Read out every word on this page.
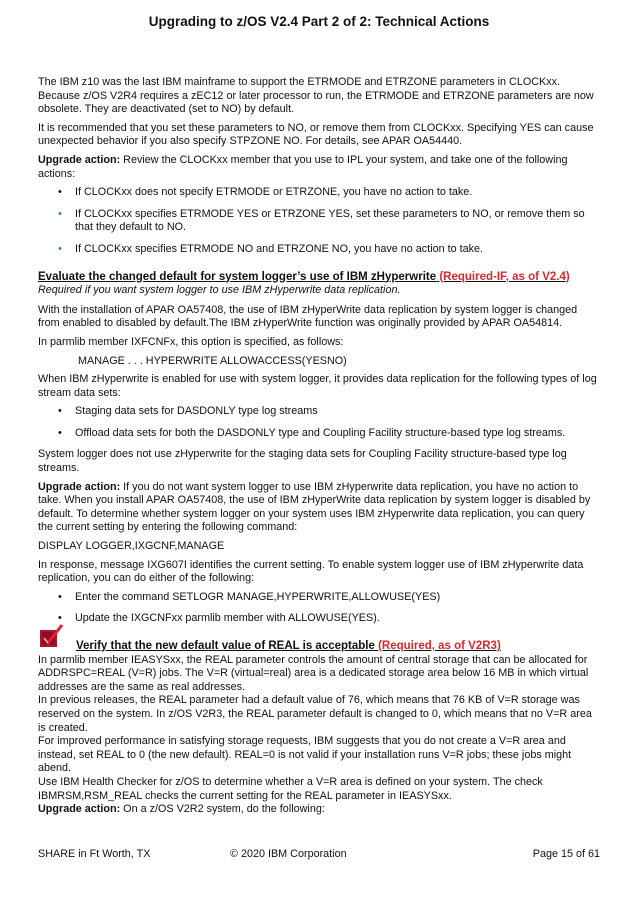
Upgrading to z/OS V2.4 Part 2 of 2: Technical Actions

The IBM z10 was the last IBM mainframe to support the ETRMODE and ETRZONE parameters in CLOCKxx. Because z/OS V2R4 requires a zEC12 or later processor to run, the ETRMODE and ETRZONE parameters are now obsolete. They are deactivated (set to NO) by default.

It is recommended that you set these parameters to NO, or remove them from CLOCKxx. Specifying YES can cause unexpected behavior if you also specify STPZONE NO. For details, see APAR OA54440.

Upgrade action: Review the CLOCKxx member that you use to IPL your system, and take one of the following actions:

• If CLOCKxx does not specify ETRMODE or ETRZONE, you have no action to take.
• If CLOCKxx specifies ETRMODE YES or ETRZONE YES, set these parameters to NO, or remove them so that they default to NO.
• If CLOCKxx specifies ETRMODE NO and ETRZONE NO, you have no action to take.
Evaluate the changed default for system logger’s use of IBM zHyperwrite (Required-IF, as of V2.4)

Required if you want system logger to use IBM zHyperwrite data replication.

With the installation of APAR OA57408, the use of IBM zHyperWrite data replication by system logger is changed from enabled to disabled by default.The IBM zHyperWrite function was originally provided by APAR OA54814.

In parmlib member IXFCNFx, this option is specified, as follows:

MANAGE . . . HYPERWRITE ALLOWACCESS(YESNO)

When IBM zHyperwrite is enabled for use with system logger, it provides data replication for the following types of log stream data sets:

• Staging data sets for DASDONLY type log streams
• Offload data sets for both the DASDONLY type and Coupling Facility structure-based type log streams.

System logger does not use zHyperwrite for the staging data sets for Coupling Facility structure-based type log streams.

Upgrade action: If you do not want system logger to use IBM zHyperwrite data replication, you have no action to take. When you install APAR OA57408, the use of IBM zHyperWrite data replication by system logger is disabled by default. To determine whether system logger on your system uses IBM zHyperwrite data replication, you can query the current setting by entering the following command:

DISPLAY LOGGER,IXGCNF,MANAGE

In response, message IXG607I identifies the current setting. To enable system logger use of IBM zHyperwrite data replication, you can do either of the following:

• Enter the command SETLOGR MANAGE,HYPERWRITE,ALLOWUSE(YES)
• Update the IXGCNFxx parmlib member with ALLOWUSE(YES).
Verify that the new default value of REAL is acceptable (Required, as of V2R3)

In parmlib member IEASYSxx, the REAL parameter controls the amount of central storage that can be allocated for ADDRSPC=REAL (V=R) jobs. The V=R (virtual=real) area is a dedicated storage area below 16 MB in which virtual addresses are the same as real addresses.

In previous releases, the REAL parameter had a default value of 76, which means that 76 KB of V=R storage was reserved on the system. In z/OS V2R3, the REAL parameter default is changed to 0, which means that no V=R area is created.

For improved performance in satisfying storage requests, IBM suggests that you do not create a V=R area and instead, set REAL to 0 (the new default). REAL=0 is not valid if your installation runs V=R jobs; these jobs might abend.

Use IBM Health Checker for z/OS to determine whether a V=R area is defined on your system. The check IBMRSM,RSM_REAL checks the current setting for the REAL parameter in IEASYSxx.

Upgrade action: On a z/OS V2R2 system, do the following:

SHARE in Ft Worth, TX	© 2020 IBM Corporation	Page 15 of 61
